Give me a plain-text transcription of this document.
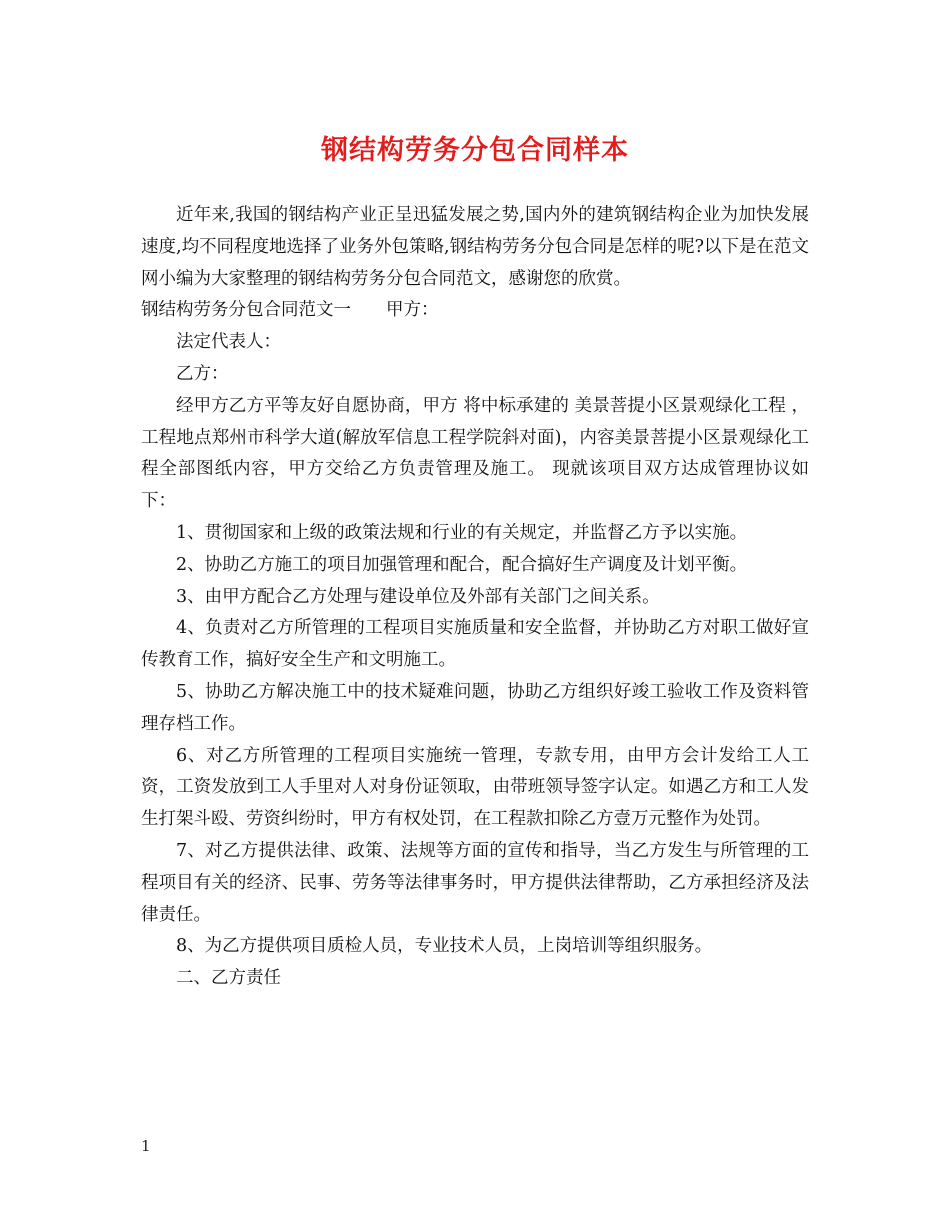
钢结构劳务分包合同样本

近年来,我国的钢结构产业正呈迅猛发展之势,国内外的建筑钢结构企业为加快发展速度,均不同程度地选择了业务外包策略,钢结构劳务分包合同是怎样的呢?以下是在范文网小编为大家整理的钢结构劳务分包合同范文，感谢您的欣赏。

钢结构劳务分包合同范文一　　甲方：

法定代表人：

乙方：

经甲方乙方平等友好自愿协商，甲方 将中标承建的 美景菩提小区景观绿化工程 ，工程地点郑州市科学大道(解放军信息工程学院斜对面)，内容美景菩提小区景观绿化工程全部图纸内容，甲方交给乙方负责管理及施工。 现就该项目双方达成管理协议如下：

1、贯彻国家和上级的政策法规和行业的有关规定，并监督乙方予以实施。

2、协助乙方施工的项目加强管理和配合，配合搞好生产调度及计划平衡。

3、由甲方配合乙方处理与建设单位及外部有关部门之间关系。

4、负责对乙方所管理的工程项目实施质量和安全监督，并协助乙方对职工做好宣传教育工作，搞好安全生产和文明施工。

5、协助乙方解决施工中的技术疑难问题，协助乙方组织好竣工验收工作及资料管理存档工作。

6、对乙方所管理的工程项目实施统一管理，专款专用，由甲方会计发给工人工资，工资发放到工人手里对人对身份证领取，由带班领导签字认定。如遇乙方和工人发生打架斗殴、劳资纠纷时，甲方有权处罚，在工程款扣除乙方壹万元整作为处罚。

7、对乙方提供法律、政策、法规等方面的宣传和指导，当乙方发生与所管理的工程项目有关的经济、民事、劳务等法律事务时，甲方提供法律帮助，乙方承担经济及法律责任。

8、为乙方提供项目质检人员，专业技术人员，上岗培训等组织服务。

二、乙方责任

1
